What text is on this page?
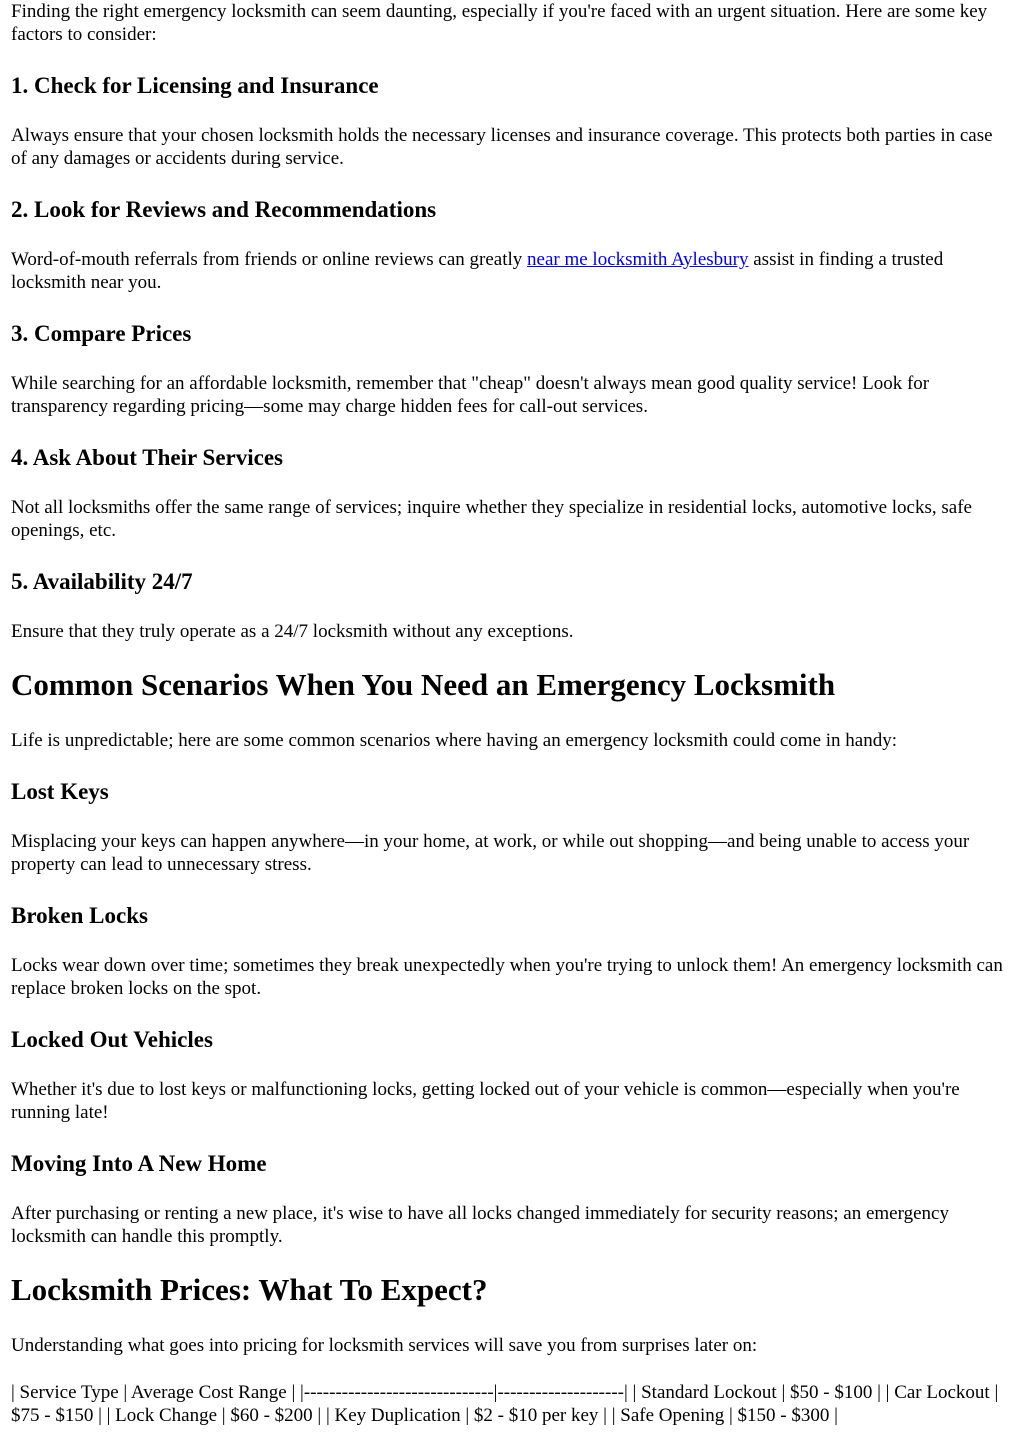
Finding the right emergency locksmith can seem daunting, especially if you're faced with an urgent situation. Here are some key factors to consider:

1. Check for Licensing and Insurance

Always ensure that your chosen locksmith holds the necessary licenses and insurance coverage. This protects both parties in case of any damages or accidents during service.

2. Look for Reviews and Recommendations

Word-of-mouth referrals from friends or online reviews can greatly near me locksmith Aylesbury assist in finding a trusted locksmith near you.

3. Compare Prices

While searching for an affordable locksmith, remember that "cheap" doesn't always mean good quality service! Look for transparency regarding pricing—some may charge hidden fees for call-out services.

4. Ask About Their Services

Not all locksmiths offer the same range of services; inquire whether they specialize in residential locks, automotive locks, safe openings, etc.

5. Availability 24/7

Ensure that they truly operate as a 24/7 locksmith without any exceptions.

Common Scenarios When You Need an Emergency Locksmith

Life is unpredictable; here are some common scenarios where having an emergency locksmith could come in handy:

Lost Keys

Misplacing your keys can happen anywhere—in your home, at work, or while out shopping—and being unable to access your property can lead to unnecessary stress.

Broken Locks

Locks wear down over time; sometimes they break unexpectedly when you're trying to unlock them! An emergency locksmith can replace broken locks on the spot.

Locked Out Vehicles

Whether it's due to lost keys or malfunctioning locks, getting locked out of your vehicle is common—especially when you're running late!

Moving Into A New Home

After purchasing or renting a new place, it's wise to have all locks changed immediately for security reasons; an emergency locksmith can handle this promptly.

Locksmith Prices: What To Expect?

Understanding what goes into pricing for locksmith services will save you from surprises later on:

| Service Type | Average Cost Range | |------------------------------|--------------------| | Standard Lockout | $50 - $100 | | Car Lockout | $75 - $150 | | Lock Change | $60 - $200 | | Key Duplication | $2 - $10 per key | | Safe Opening | $150 - $300 |
